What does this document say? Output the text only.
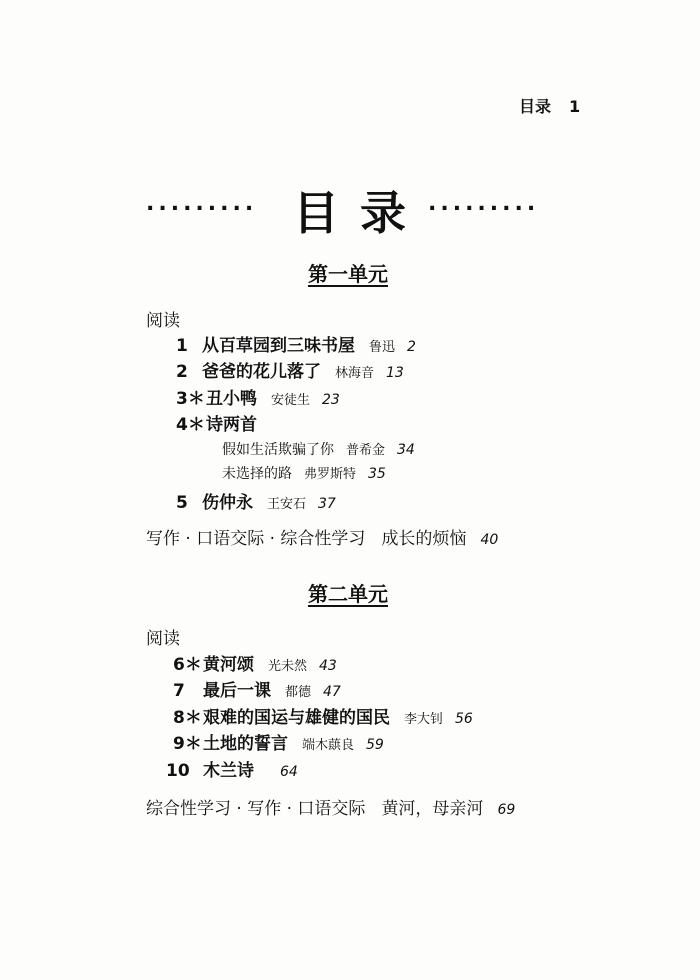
目录 1
......... 目 录 .........
第一单元
阅读
1 从百草园到三味书屋 鲁迅 2
2 爸爸的花儿落了 林海音 13
3＊丑小鸭 安徒生 23
4＊诗两首
假如生活欺骗了你 普希金 34
未选择的路 弗罗斯特 35
5 伤仲永 王安石 37
写作 · 口语交际 · 综合性学习 成长的烦恼 40
第二单元
阅读
6＊黄河颂 光未然 43
7 最后一课 都德 47
8＊艰难的国运与雄健的国民 李大钊 56
9＊土地的誓言 端木蕻良 59
10 木兰诗 64
综合性学习 · 写作 · 口语交际 黄河，母亲河 69
